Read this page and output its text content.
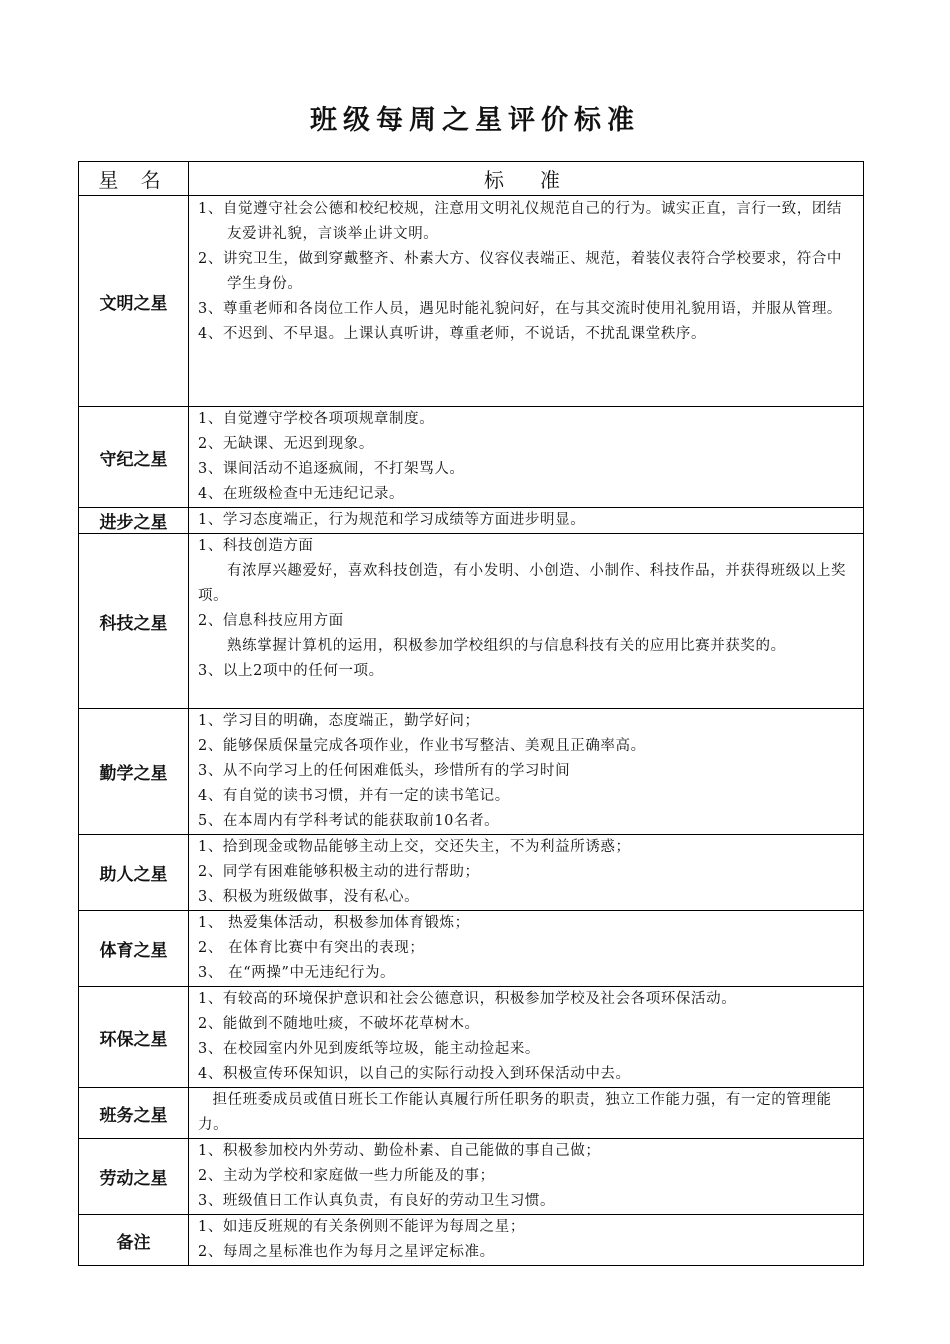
班级每周之星评价标准
星 名	标　准
文明之星	1、自觉遵守社会公德和校纪校规，注意用文明礼仪规范自己的行为。诚实正直，言行一致，团结友爱讲礼貌，言谈举止讲文明。
2、讲究卫生，做到穿戴整齐、朴素大方、仪容仪表端正、规范，着装仪表符合学校要求，符合中学生身份。
3、尊重老师和各岗位工作人员，遇见时能礼貌问好，在与其交流时使用礼貌用语，并服从管理。
4、不迟到、不早退。上课认真听讲，尊重老师，不说话，不扰乱课堂秩序。

守纪之星	1、自觉遵守学校各项项规章制度。
2、无缺课、无迟到现象。
3、课间活动不追逐疯闹，不打架骂人。
4、在班级检查中无违纪记录。

进步之星	1、学习态度端正，行为规范和学习成绩等方面进步明显。

科技之星	1、科技创造方面
有浓厚兴趣爱好，喜欢科技创造，有小发明、小创造、小制作、科技作品，并获得班级以上奖项。
2、信息科技应用方面
熟练掌握计算机的运用，积极参加学校组织的与信息科技有关的应用比赛并获奖的。
3、以上2项中的任何一项。

勤学之星	1、学习目的明确，态度端正，勤学好问；
2、能够保质保量完成各项作业，作业书写整洁、美观且正确率高。
3、从不向学习上的任何困难低头，珍惜所有的学习时间
4、有自觉的读书习惯，并有一定的读书笔记。
5、在本周内有学科考试的能获取前10名者。

助人之星	1、拾到现金或物品能够主动上交，交还失主，不为利益所诱惑；
2、同学有困难能够积极主动的进行帮助；
3、积极为班级做事，没有私心。

体育之星	1、 热爱集体活动，积极参加体育锻炼；
2、 在体育比赛中有突出的表现；
3、 在“两操”中无违纪行为。

环保之星	1、有较高的环境保护意识和社会公德意识，积极参加学校及社会各项环保活动。
2、能做到不随地吐痰，不破坏花草树木。
3、在校园室内外见到废纸等垃圾，能主动捡起来。
4、积极宣传环保知识，以自己的实际行动投入到环保活动中去。

班务之星	担任班委成员或值日班长工作能认真履行所任职务的职责，独立工作能力强，有一定的管理能力。

劳动之星	1、积极参加校内外劳动、勤俭朴素、自己能做的事自己做；
2、主动为学校和家庭做一些力所能及的事；
3、班级值日工作认真负责，有良好的劳动卫生习惯。

备注	1、如违反班规的有关条例则不能评为每周之星；
2、每周之星标准也作为每月之星评定标准。
